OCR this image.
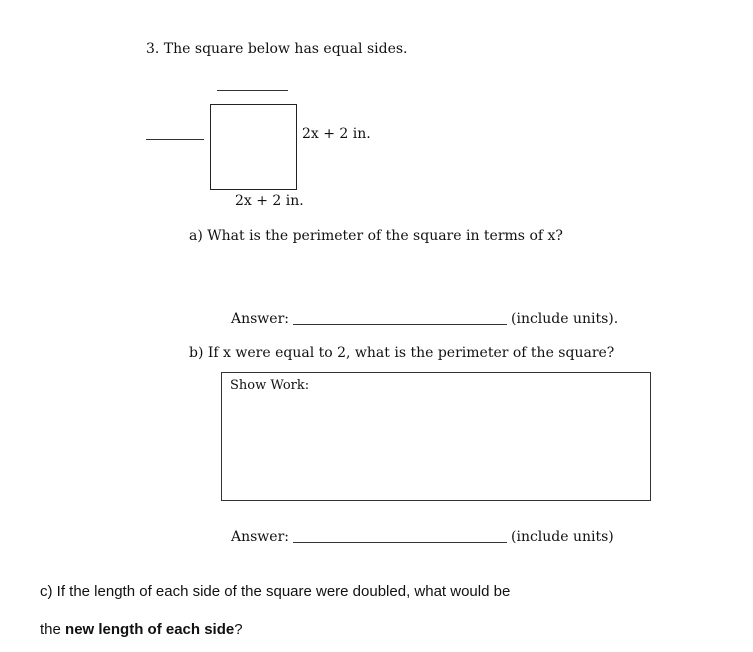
3. The square below has equal sides.
2x + 2 in.
2x + 2 in.
a) What is the perimeter of the square in terms of x?
Answer:	(include units).
b) If x were equal to 2, what is the perimeter of the square?
Show Work:
Answer:	(include units)
c) If the length of each side of the square were doubled, what would be
the new length of each side?
